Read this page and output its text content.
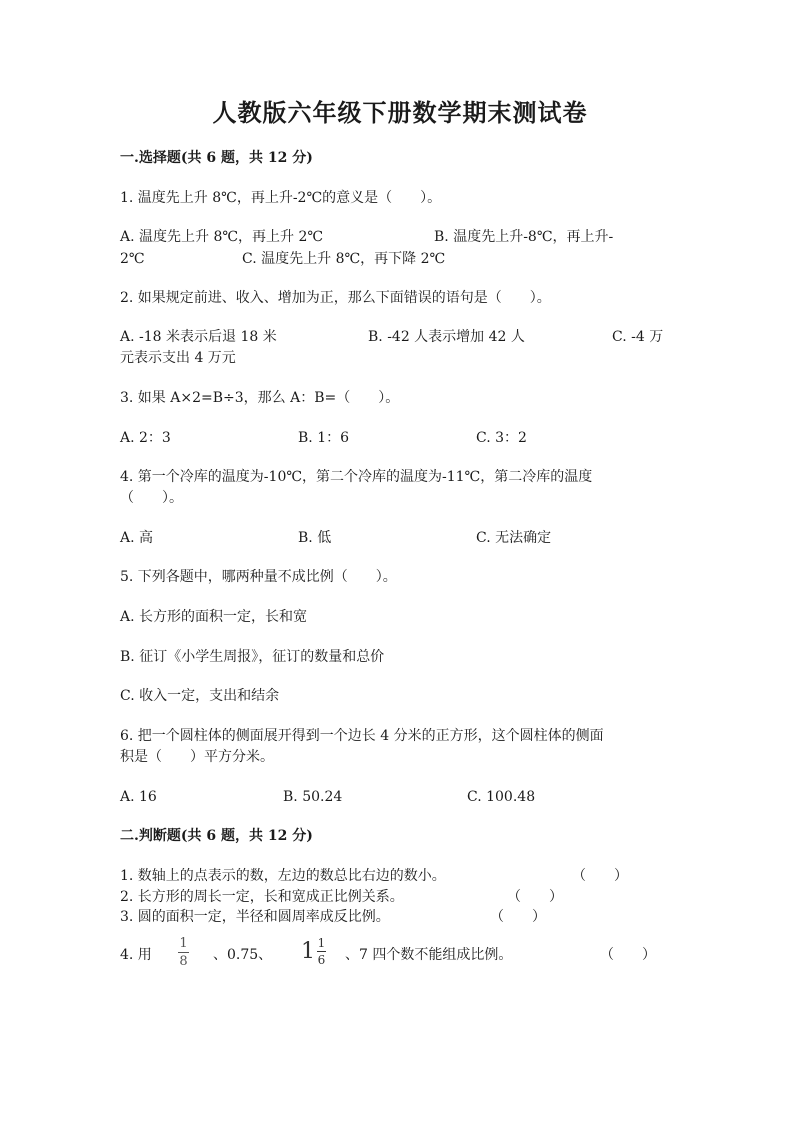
人教版六年级下册数学期末测试卷
一.选择题(共 6 题，共 12 分)
1. 温度先上升 8℃，再上升-2℃的意义是（　　）。
A. 温度先上升 8℃，再上升 2℃	B. 温度先上升-8℃，再上升-
2℃	C. 温度先上升 8℃，再下降 2℃
2. 如果规定前进、收入、增加为正，那么下面错误的语句是（　　）。
A. -18 米表示后退 18 米	B. -42 人表示增加 42 人	C. -4 万
元表示支出 4 万元
3. 如果 A×2=B÷3，那么 A：B=（　　）。
A. 2：3	B. 1：6	C. 3：2
4. 第一个冷库的温度为-10℃，第二个冷库的温度为-11℃，第二冷库的温度
（　　）。
A. 高	B. 低	C. 无法确定
5. 下列各题中，哪两种量不成比例（　　）。
A. 长方形的面积一定，长和宽
B. 征订《小学生周报》，征订的数量和总价
C. 收入一定，支出和结余
6. 把一个圆柱体的侧面展开得到一个边长 4 分米的正方形，这个圆柱体的侧面
积是（　　）平方分米。
A. 16	B. 50.24	C. 100.48
二.判断题(共 6 题，共 12 分)
1. 数轴上的点表示的数，左边的数总比右边的数小。	（　　）
2. 长方形的周长一定，长和宽成正比例关系。	（　　）
3. 圆的面积一定，半径和圆周率成反比例。	（　　）
4. 用
1
8 、0.75、 1 1
6 、7 四个数不能组成比例。	（　　）
